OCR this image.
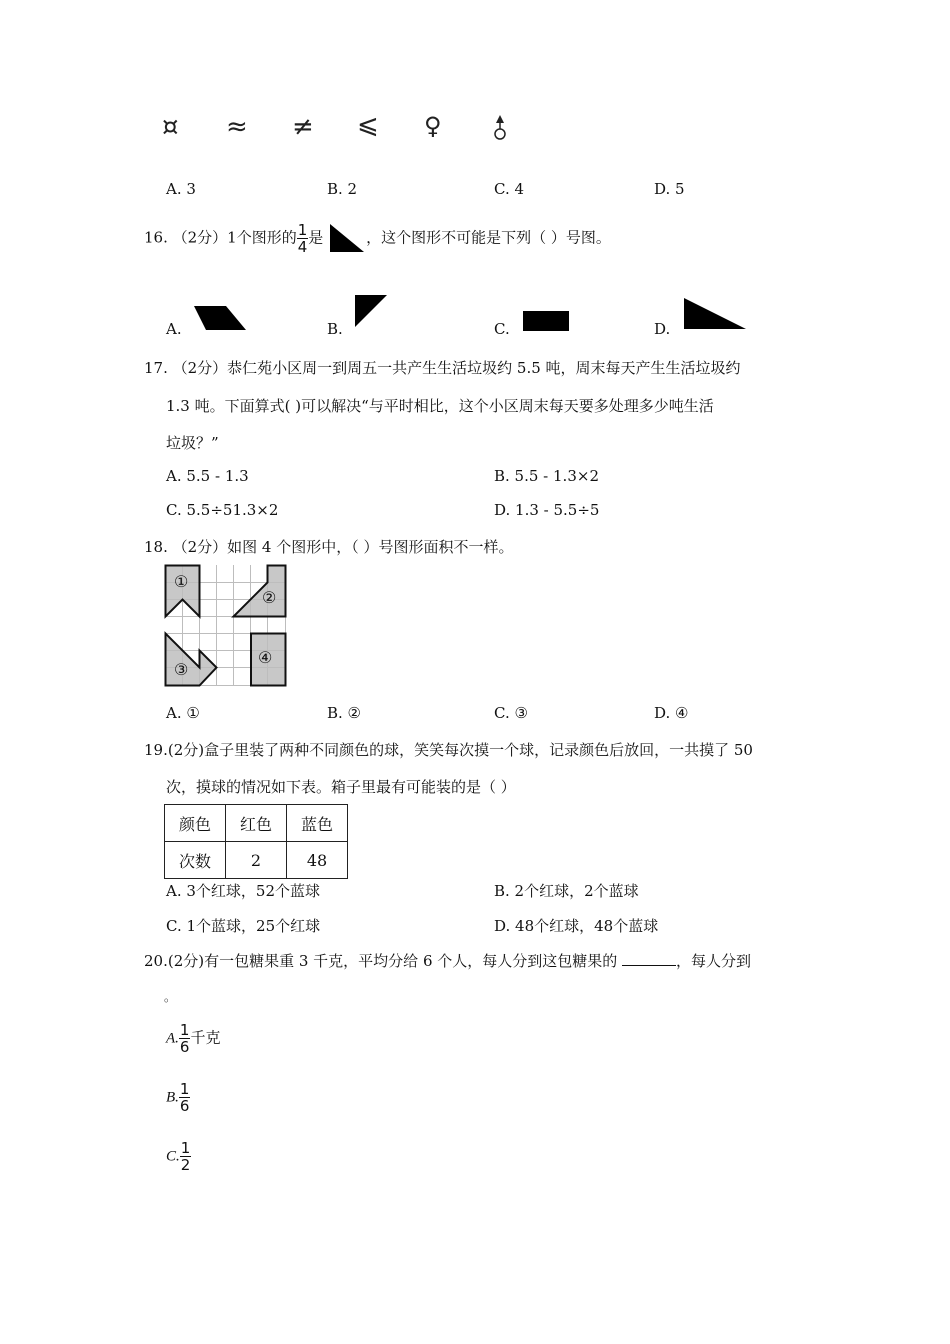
¤ ≈ ≠ ⩽ ♀
A. 3	B. 2	C. 4	D. 5
16. （2分）1个图形的 $\frac{1}{4}$ 是	，这个图形不可能是下列（ ）号图。
A.	B.	C.	D.
17. （2分）恭仁苑小区周一到周五一共产生生活垃圾约 5.5 吨，周末每天产生生活垃圾约
1.3 吨。下面算式( )可以解决“与平时相比，这个小区周末每天要多处理多少吨生活
垃圾？”
A. 5.5 - 1.3	B. 5.5 - 1.3×2
C. 5.5÷51.3×2	D. 1.3 - 5.5÷5
18. （2分）如图 4 个图形中，（ ）号图形面积不一样。
①
②
③
④
A. ①	B. ②	C. ③	D. ④
19.(2分)盒子里装了两种不同颜色的球，笑笑每次摸一个球，记录颜色后放回，一共摸了 50
次，摸球的情况如下表。箱子里最有可能装的是（ ）
颜色	红色	蓝色
次数	2	48
A. 3个红球，52个蓝球	B. 2个红球，2个蓝球
C. 1个蓝球，25个红球	D. 48个红球，48个蓝球
20.(2分)有一包糖果重 3 千克，平均分给 6 个人，每人分到这包糖果的	，每人分到
。
A. $\frac{1}{6}$ 千克
B. $\frac{1}{6}$
C. $\frac{1}{2}$
